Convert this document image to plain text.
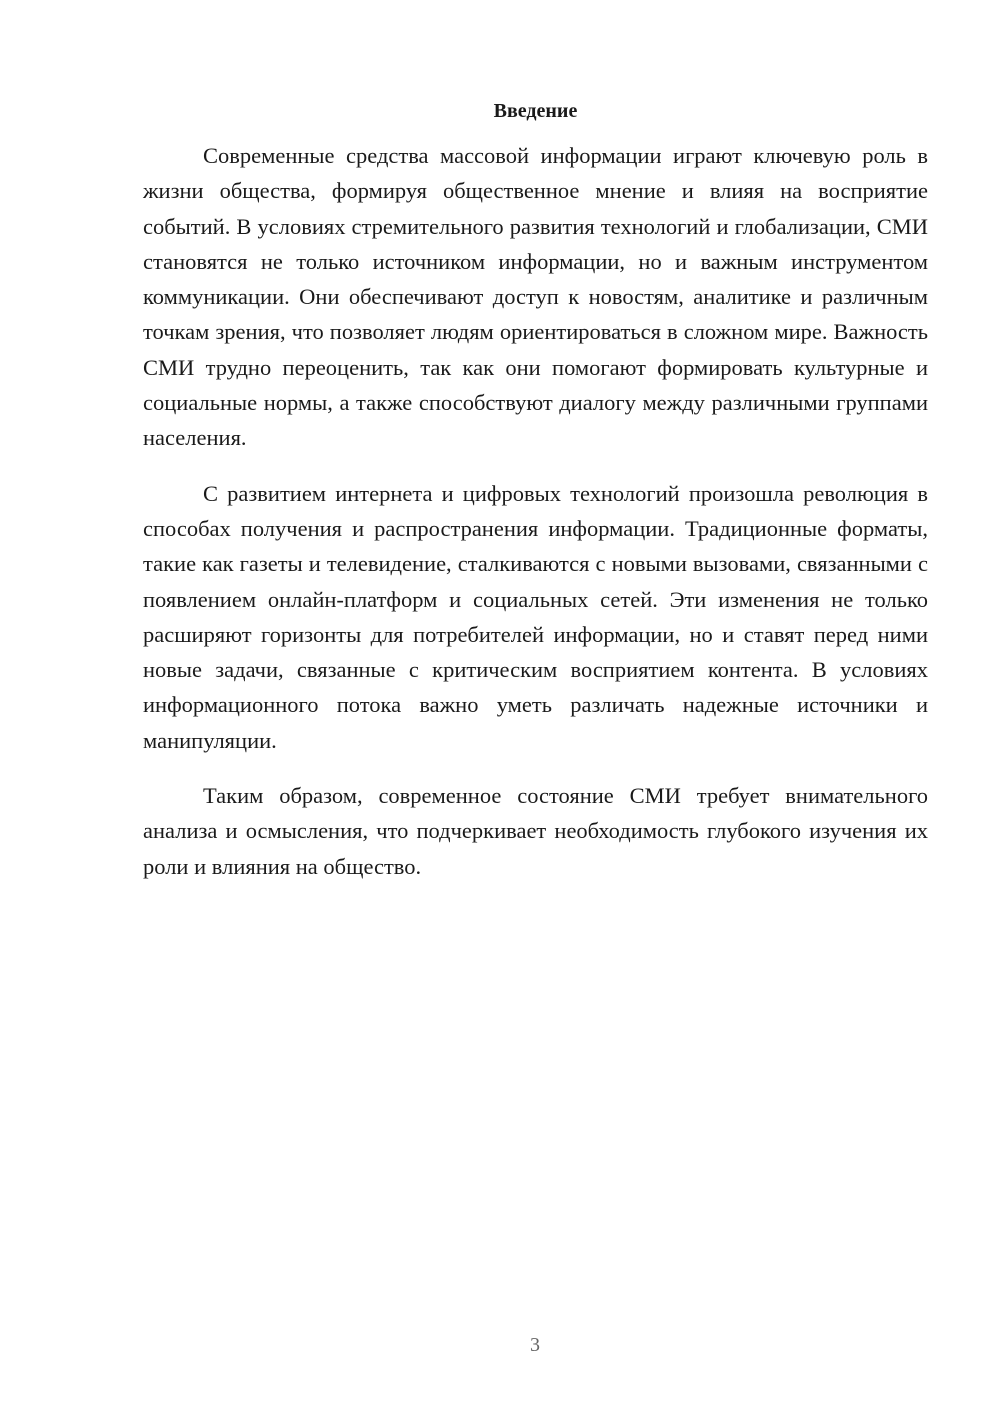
Введение

Современные средства массовой информации играют ключевую роль в жизни общества, формируя общественное мнение и влияя на восприятие событий. В условиях стремительного развития технологий и глобализации, СМИ становятся не только источником информации, но и важным инструментом коммуникации. Они обеспечивают доступ к новостям, аналитике и различным точкам зрения, что позволяет людям ориентироваться в сложном мире. Важность СМИ трудно переоценить, так как они помогают формировать культурные и социальные нормы, а также способствуют диалогу между различными группами населения.

С развитием интернета и цифровых технологий произошла революция в способах получения и распространения информации. Традиционные форматы, такие как газеты и телевидение, сталкиваются с новыми вызовами, связанными с появлением онлайн-платформ и социальных сетей. Эти изменения не только расширяют горизонты для потребителей информации, но и ставят перед ними новые задачи, связанные с критическим восприятием контента. В условиях информационного потока важно уметь различать надежные источники и манипуляции.

Таким образом, современное состояние СМИ требует внимательного анализа и осмысления, что подчеркивает необходимость глубокого изучения их роли и влияния на общество.

3
